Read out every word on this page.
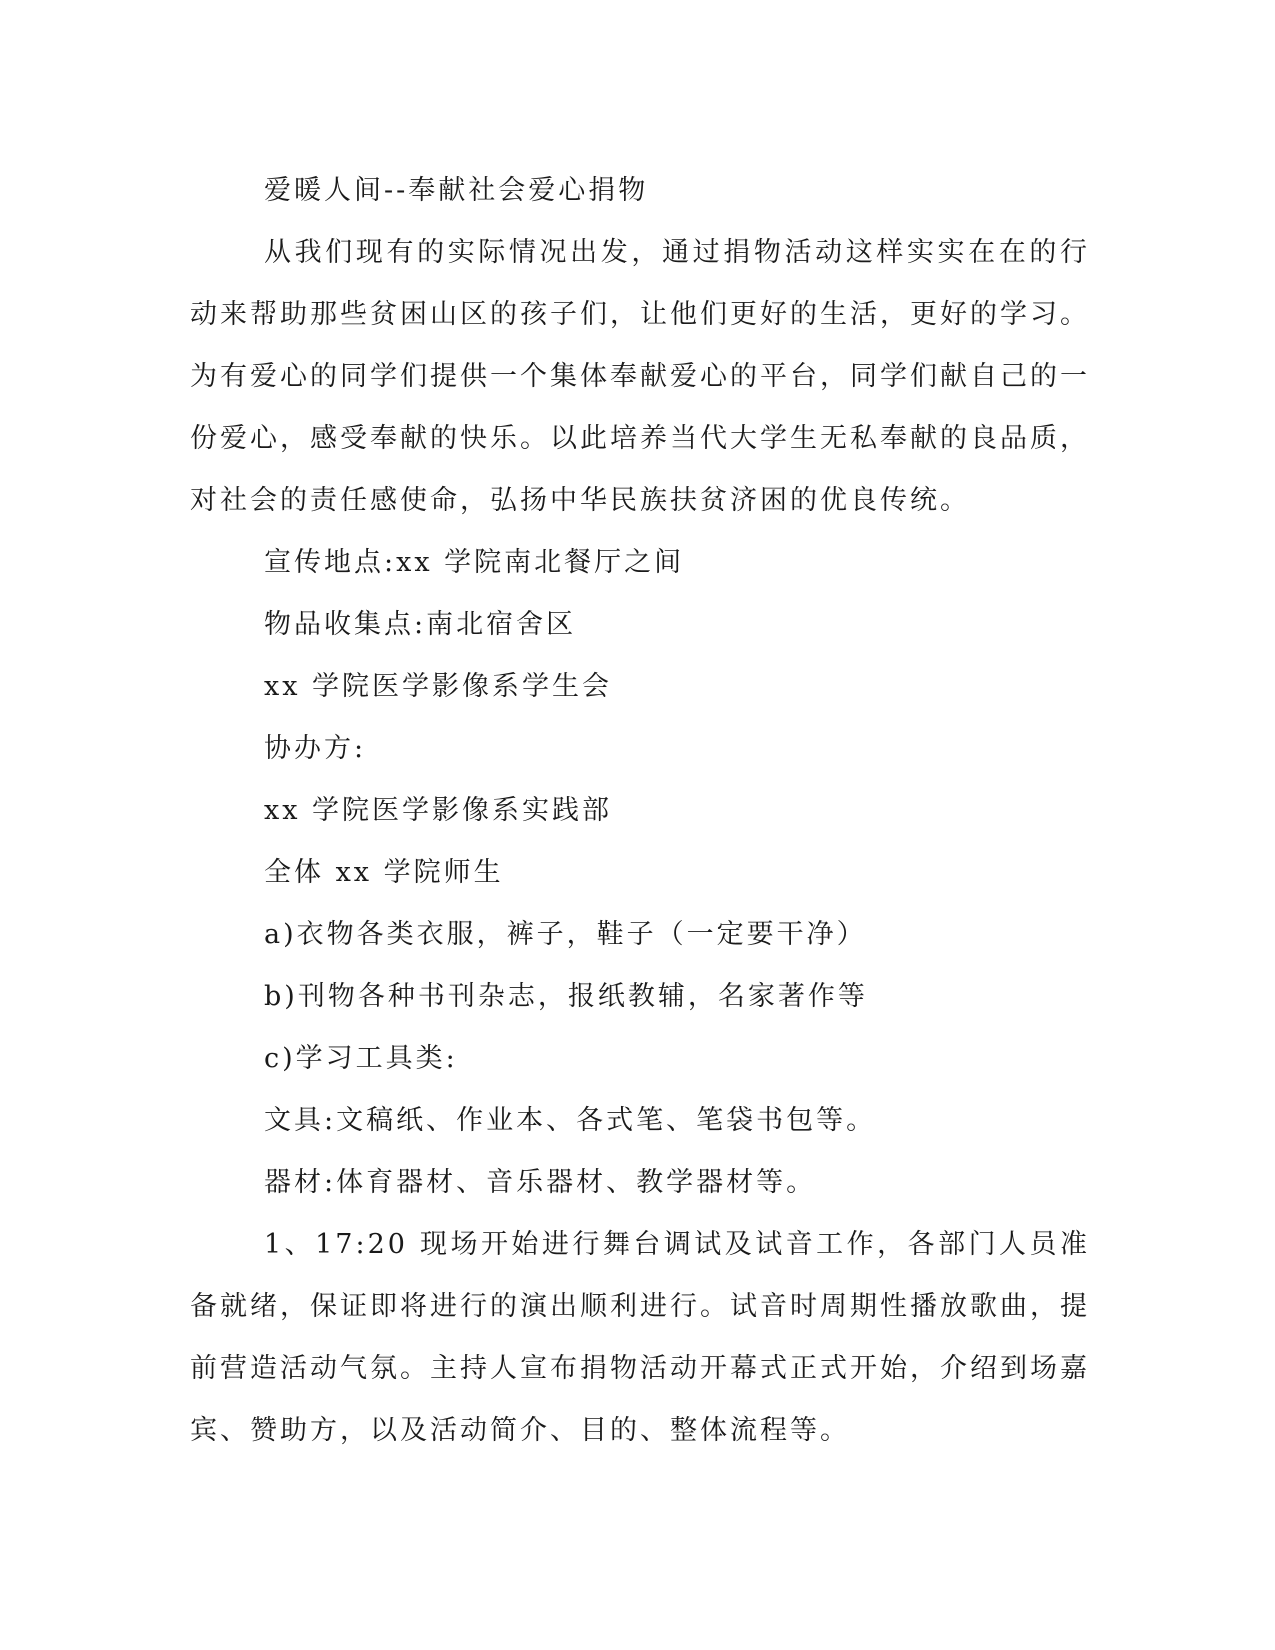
爱暖人间--奉献社会爱心捐物

从我们现有的实际情况出发，通过捐物活动这样实实在在的行动来帮助那些贫困山区的孩子们，让他们更好的生活，更好的学习。为有爱心的同学们提供一个集体奉献爱心的平台，同学们献自己的一份爱心，感受奉献的快乐。以此培养当代大学生无私奉献的良品质，对社会的责任感使命，弘扬中华民族扶贫济困的优良传统。

宣传地点:xx 学院南北餐厅之间

物品收集点:南北宿舍区

xx 学院医学影像系学生会

协办方:

xx 学院医学影像系实践部

全体 xx 学院师生

a)衣物各类衣服，裤子，鞋子（一定要干净）

b)刊物各种书刊杂志，报纸教辅，名家著作等

c)学习工具类:

文具:文稿纸、作业本、各式笔、笔袋书包等。

器材:体育器材、音乐器材、教学器材等。

1、17:20 现场开始进行舞台调试及试音工作，各部门人员准备就绪，保证即将进行的演出顺利进行。试音时周期性播放歌曲，提前营造活动气氛。主持人宣布捐物活动开幕式正式开始，介绍到场嘉宾、赞助方，以及活动简介、目的、整体流程等。
